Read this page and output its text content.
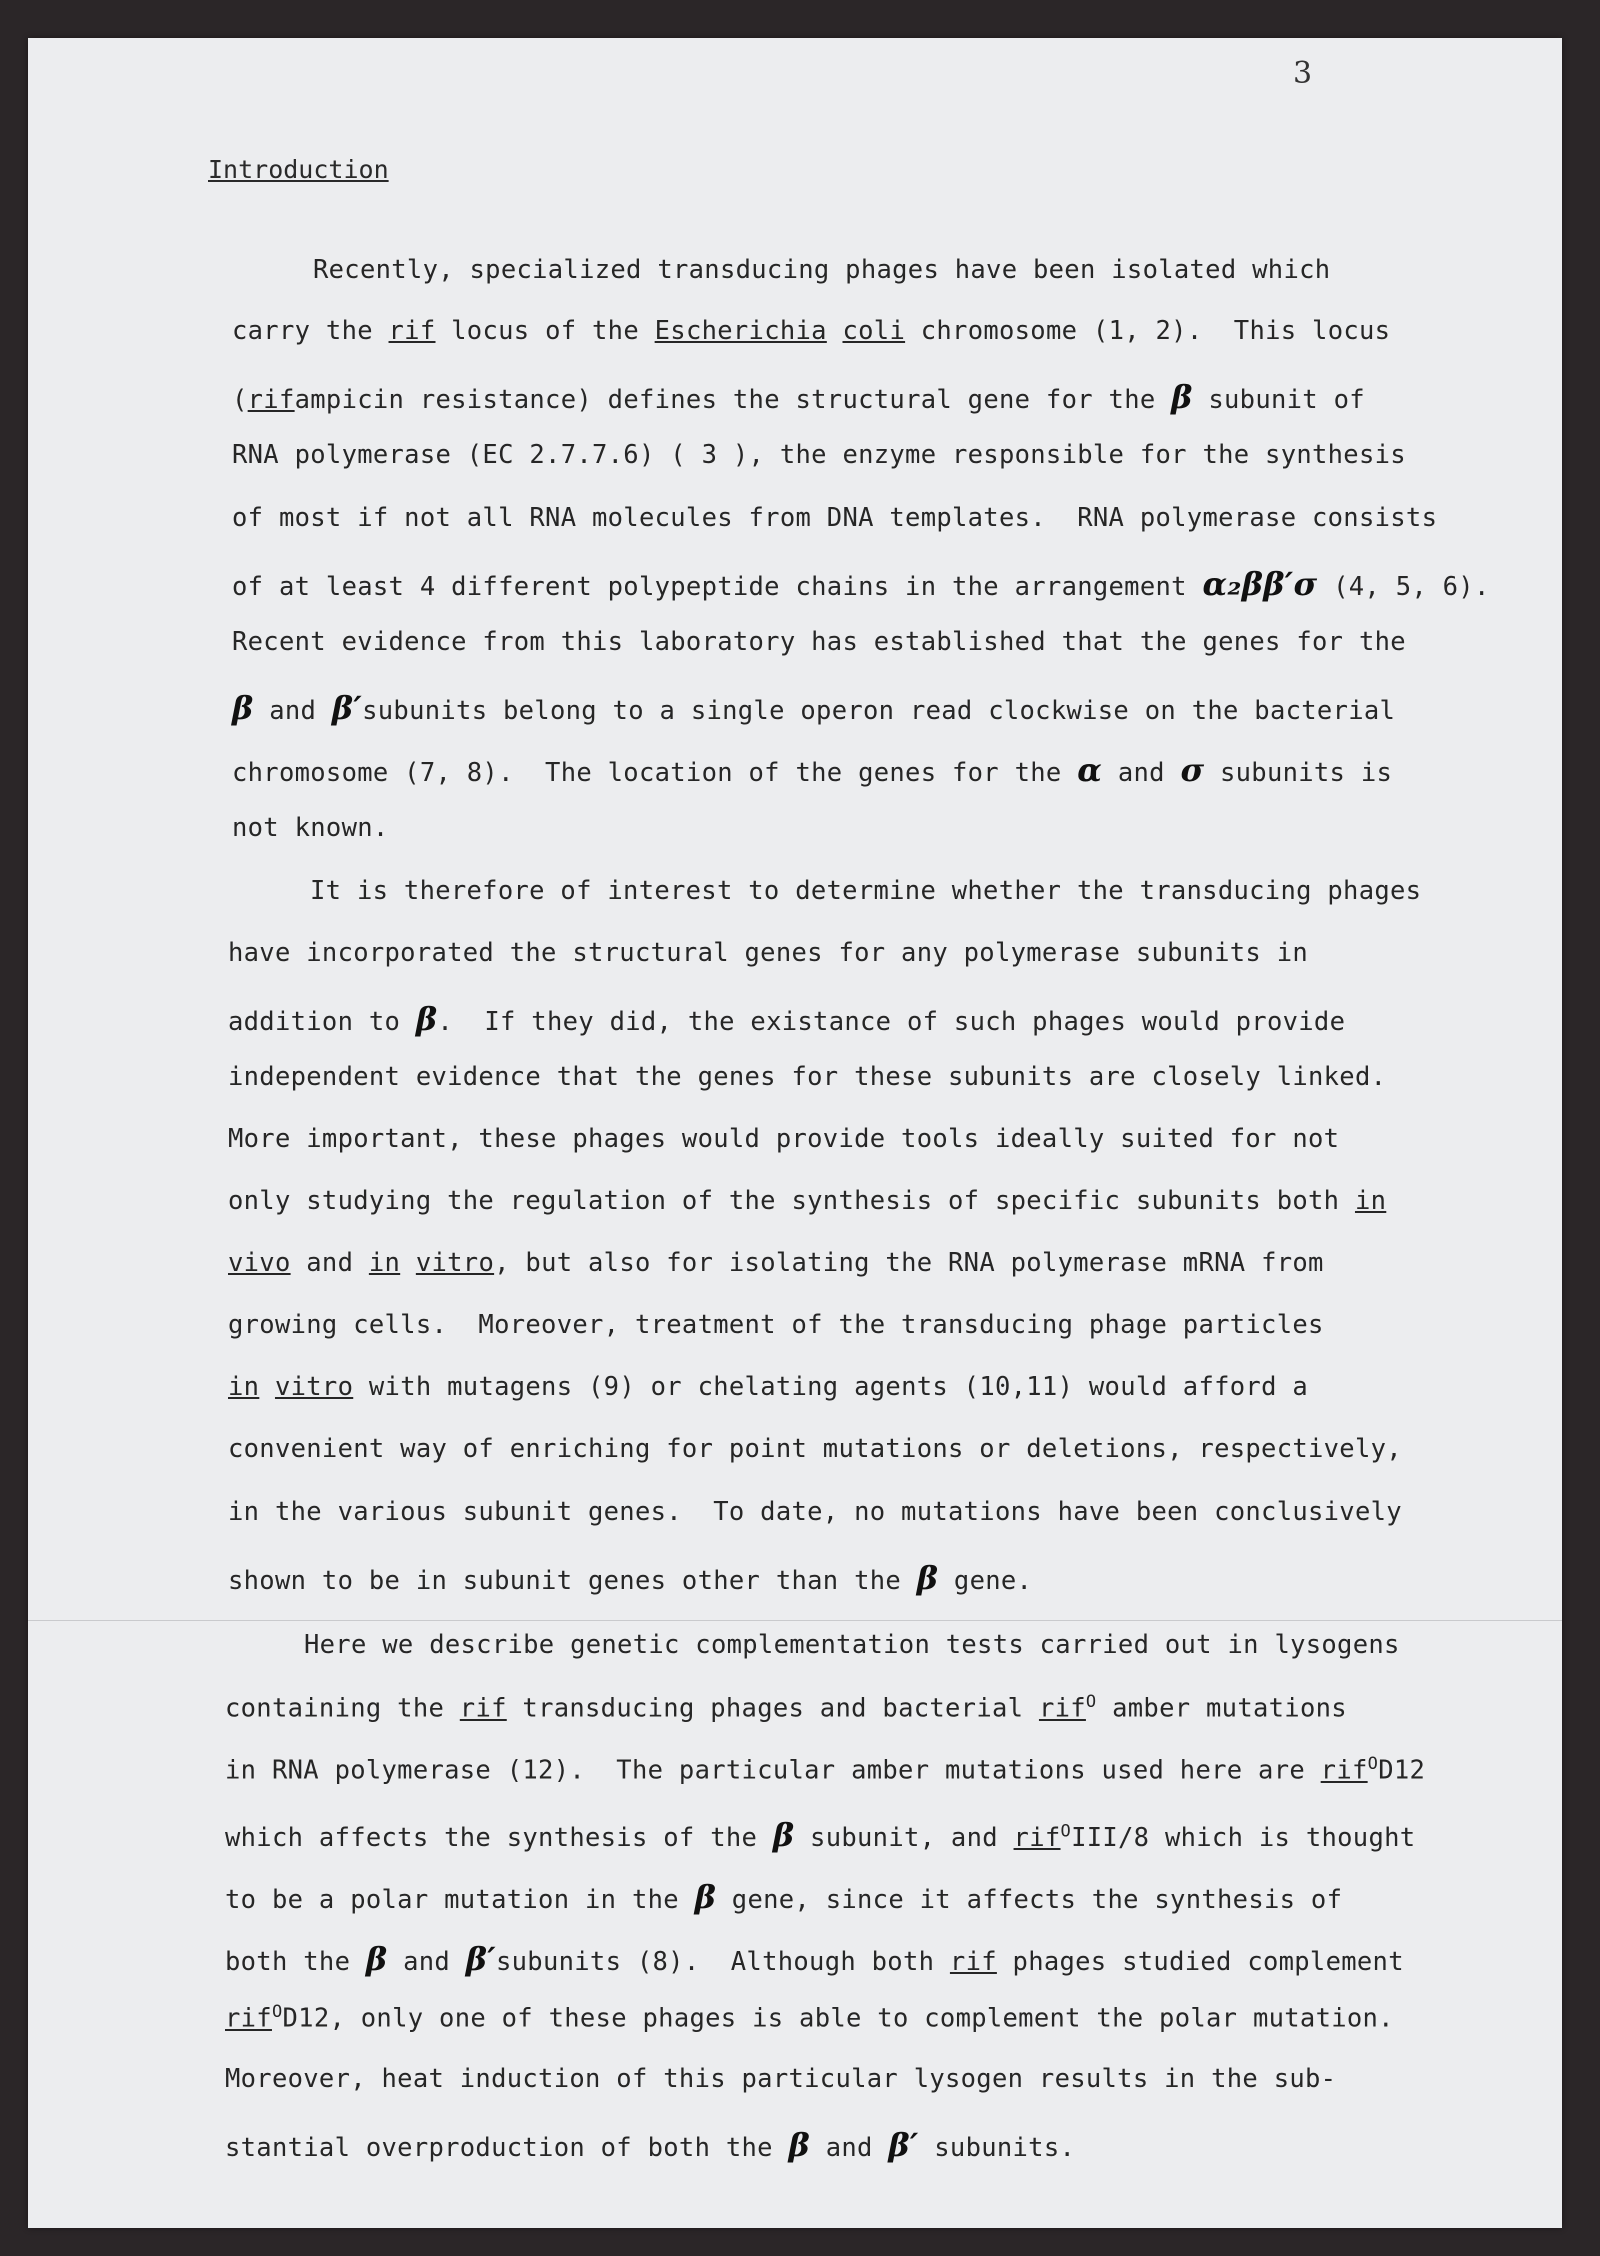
3
Introduction
Recently, specialized transducing phages have been isolated which
carry the rif locus of the Escherichia coli chromosome (1, 2).  This locus
(rifampicin resistance) defines the structural gene for the β subunit of
RNA polymerase (EC 2.7.7.6) ( 3 ), the enzyme responsible for the synthesis
of most if not all RNA molecules from DNA templates.  RNA polymerase consists
of at least 4 different polypeptide chains in the arrangement α₂ββ′σ (4, 5, 6).
Recent evidence from this laboratory has established that the genes for the
β and β′subunits belong to a single operon read clockwise on the bacterial
chromosome (7, 8).  The location of the genes for the α and σ subunits is
not known.
It is therefore of interest to determine whether the transducing phages
have incorporated the structural genes for any polymerase subunits in
addition to β.  If they did, the existance of such phages would provide
independent evidence that the genes for these subunits are closely linked.
More important, these phages would provide tools ideally suited for not
only studying the regulation of the synthesis of specific subunits both in
vivo and in vitro, but also for isolating the RNA polymerase mRNA from
growing cells.  Moreover, treatment of the transducing phage particles
in vitro with mutagens (9) or chelating agents (10,11) would afford a
convenient way of enriching for point mutations or deletions, respectively,
in the various subunit genes.  To date, no mutations have been conclusively
shown to be in subunit genes other than the β gene.
Here we describe genetic complementation tests carried out in lysogens
containing the rif transducing phages and bacterial rif$^O$ amber mutations
in RNA polymerase (12).  The particular amber mutations used here are rif$^O$D12
which affects the synthesis of the β subunit, and rif$^O$III/8 which is thought
to be a polar mutation in the β gene, since it affects the synthesis of
both the β and β′subunits (8).  Although both rif phages studied complement
rif$^O$D12, only one of these phages is able to complement the polar mutation.
Moreover, heat induction of this particular lysogen results in the sub-
stantial overproduction of both the β and β′ subunits.
